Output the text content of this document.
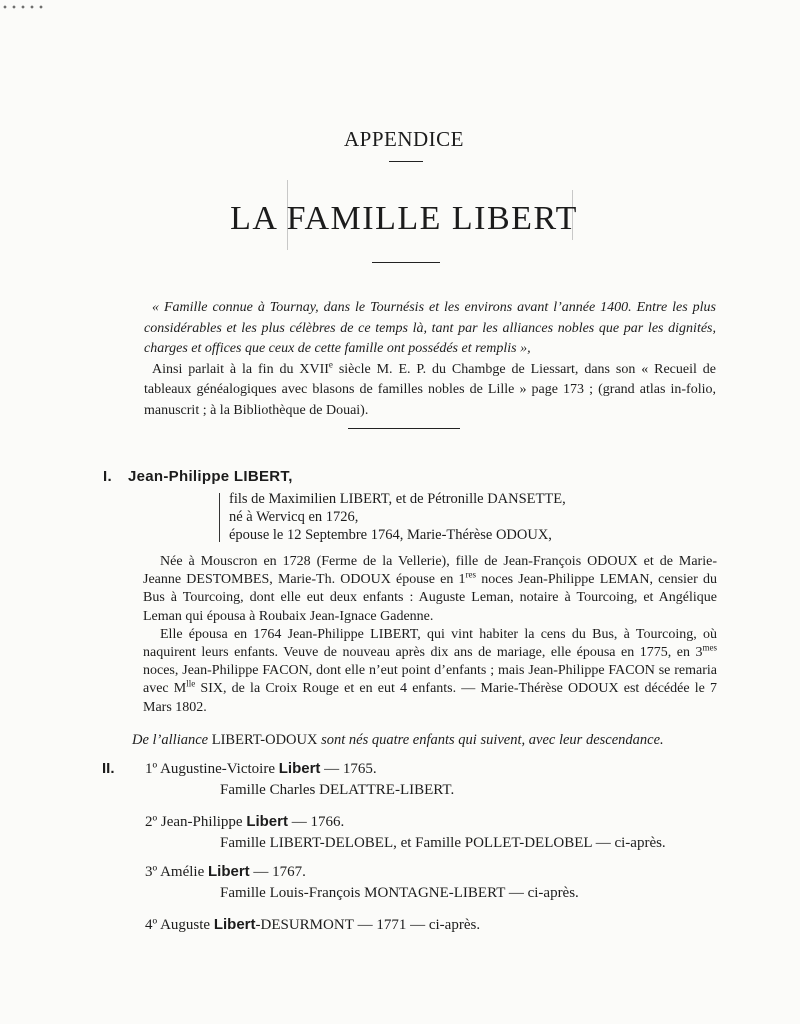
APPENDICE
LA FAMILLE LIBERT

« Famille connue à Tournay, dans le Tournésis et les environs avant l’année 1400. Entre les plus considérables et les plus célèbres de ce temps là, tant par les alliances nobles que par les dignités, charges et offices que ceux de cette famille ont possédés et remplis »,

Ainsi parlait à la fin du XVIIe siècle M. E. P. du Chambge de Liessart, dans son « Recueil de tableaux généalogiques avec blasons de familles nobles de Lille » page 173 ; (grand atlas in-folio, manuscrit ; à la Bibliothèque de Douai).

I. Jean-Philippe LIBERT,
fils de Maximilien LIBERT, et de Pétronille DANSETTE,
né à Wervicq en 1726,
épouse le 12 Septembre 1764, Marie-Thérèse ODOUX,

Née à Mouscron en 1728 (Ferme de la Vellerie), fille de Jean-François ODOUX et de Marie-Jeanne DESTOMBES, Marie-Th. ODOUX épouse en 1res noces Jean-Philippe LEMAN, censier du Bus à Tourcoing, dont elle eut deux enfants : Auguste Leman, notaire à Tourcoing, et Angélique Leman qui épousa à Roubaix Jean-Ignace Gadenne.

Elle épousa en 1764 Jean-Philippe LIBERT, qui vint habiter la cens du Bus, à Tourcoing, où naquirent leurs enfants. Veuve de nouveau après dix ans de mariage, elle épousa en 1775, en $3^{mes}$ noces, Jean-Philippe FACON, dont elle n’eut point d’enfants ; mais Jean-Philippe FACON se remaria avec $M^{lle}$ SIX, de la Croix Rouge et en eut 4 enfants. — Marie-Thérèse ODOUX est décédée le 7 Mars 1802.

De l’alliance LIBERT-ODOUX sont nés quatre enfants qui suivent, avec leur descendance.
II. 1º Augustine-Victoire Libert — 1765.
Famille Charles DELATTRE-LIBERT.
2º Jean-Philippe Libert — 1766.
Famille LIBERT-DELOBEL, et Famille POLLET-DELOBEL — ci-après.
3º Amélie Libert — 1767.
Famille Louis-François MONTAGNE-LIBERT — ci-après.
4º Auguste Libert-DESURMONT — 1771 — ci-après.
